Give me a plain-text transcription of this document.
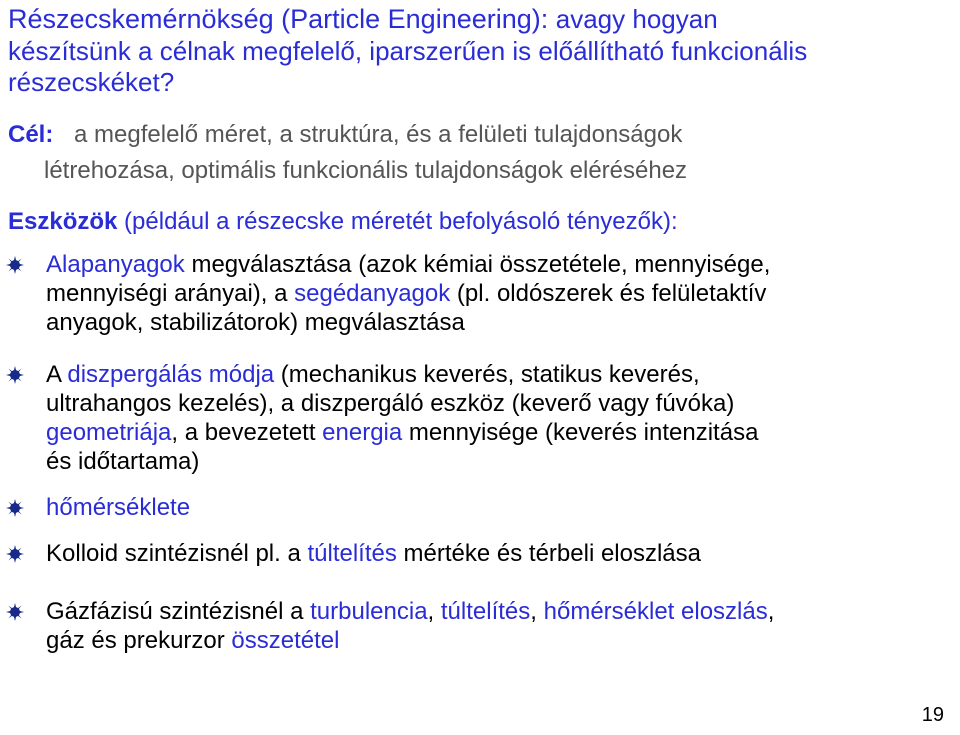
Részecskemérnökség (Particle Engineering): avagy hogyan
készítsünk a célnak megfelelő, iparszerűen is előállítható funkcionális
részecskéket?
Cél: a megfelelő méret, a struktúra, és a felületi tulajdonságok
létrehozása, optimális funkcionális tulajdonságok eléréséhez
Eszközök (például a részecske méretét befolyásoló tényezők):
Alapanyagok megválasztása (azok kémiai összetétele, mennyisége,
mennyiségi arányai), a segédanyagok (pl. oldószerek és felületaktív
anyagok, stabilizátorok) megválasztása
A diszpergálás módja (mechanikus keverés, statikus keverés,
ultrahangos kezelés), a diszpergáló eszköz (keverő vagy fúvóka)
geometriája, a bevezetett energia mennyisége (keverés intenzitása
és időtartama)
hőmérséklete
Kolloid szintézisnél pl. a túltelítés mértéke és térbeli eloszlása
Gázfázisú szintézisnél a turbulencia, túltelítés, hőmérséklet eloszlás,
gáz és prekurzor összetétel
19
